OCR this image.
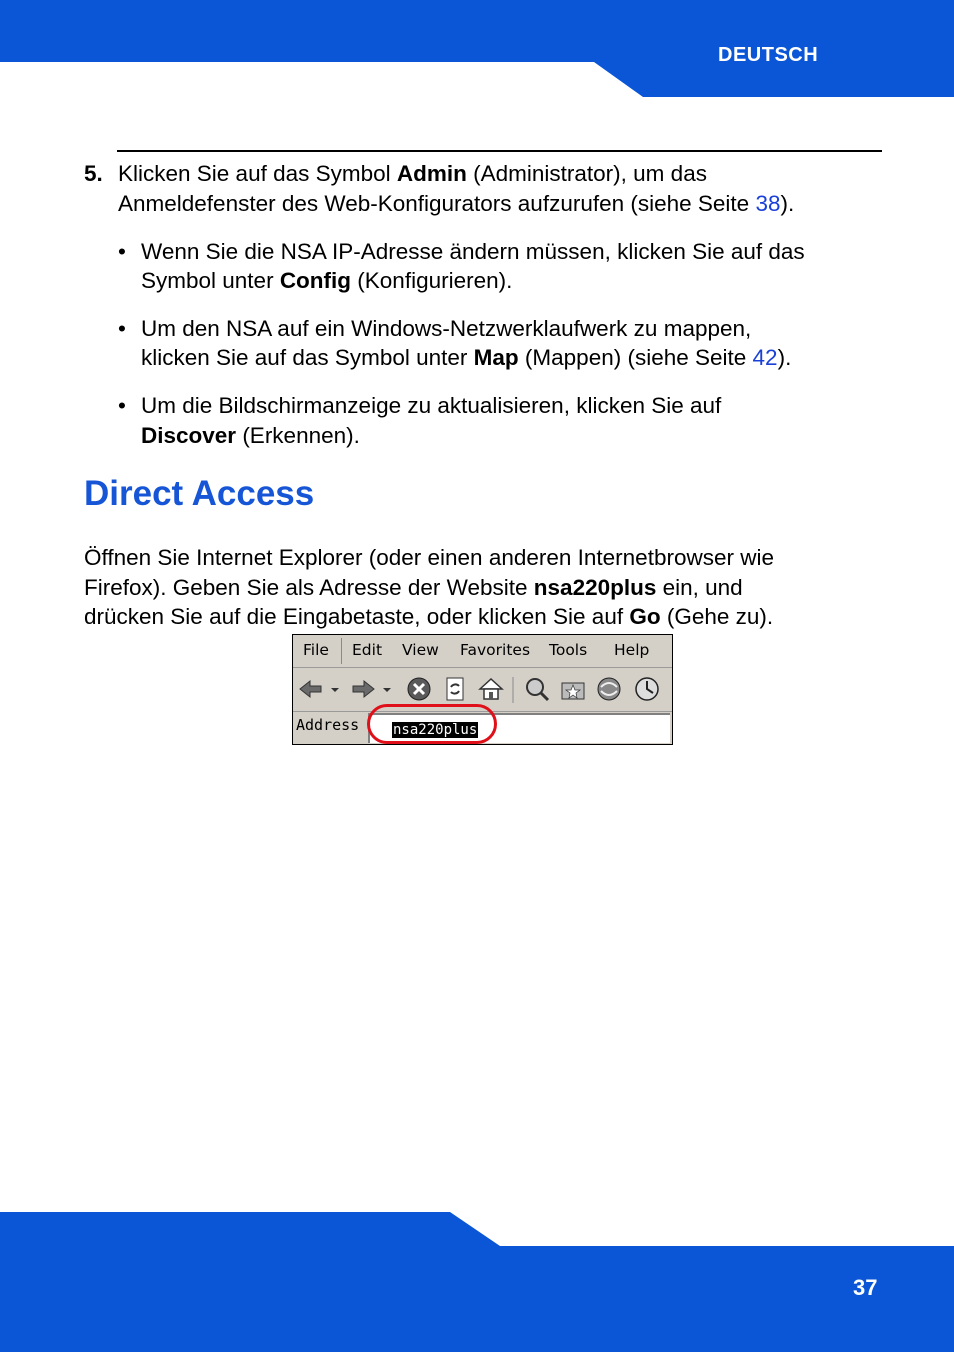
DEUTSCH
5. Klicken Sie auf das Symbol Admin (Administrator), um das
Anmeldefenster des Web-Konfigurators aufzurufen (siehe Seite 38).
• Wenn Sie die NSA IP-Adresse ändern müssen, klicken Sie auf das
Symbol unter Config (Konfigurieren).
• Um den NSA auf ein Windows-Netzwerklaufwerk zu mappen,
klicken Sie auf das Symbol unter Map (Mappen) (siehe Seite 42).
• Um die Bildschirmanzeige zu aktualisieren, klicken Sie auf
Discover (Erkennen).
Direct Access
Öffnen Sie Internet Explorer (oder einen anderen Internetbrowser wie
Firefox). Geben Sie als Adresse der Website nsa220plus ein, und
drücken Sie auf die Eingabetaste, oder klicken Sie auf Go (Gehe zu).
File Edit View Favorites Tools Help
Address nsa220plus
37
